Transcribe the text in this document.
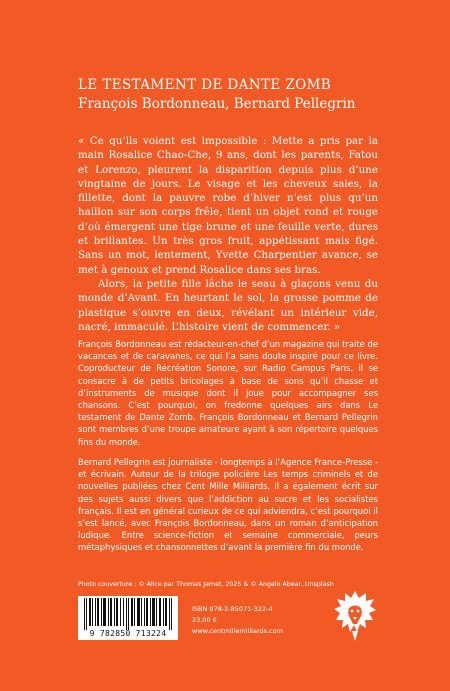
LE TESTAMENT DE DANTE ZOMB
François Bordonneau, Bernard Pellegrin

« Ce qu’ils voient est impossible : Mette a pris par la main Rosalice Chao-Che, 9 ans, dont les parents, Fatou et Lorenzo, pleurent la disparition depuis plus d’une vingtaine de jours. Le visage et les cheveux sales, la fillette, dont la pauvre robe d’hiver n’est plus qu’un haillon sur son corps frêle, tient un objet rond et rouge d’où émergent une tige brune et une feuille verte, dures et brillantes. Un très gros fruit, appétissant mais figé. Sans un mot, lentement, Yvette Charpentier avance, se met à genoux et prend Rosalice dans ses bras.

Alors, la petite fille lâche le seau à glaçons venu du monde d’Avant. En heurtant le sol, la grosse pomme de plastique s’ouvre en deux, révélant un intérieur vide, nacré, immaculé. L’histoire vient de commencer. »

François Bordonneau est rédacteur-en-chef d’un magazine qui traite de vacances et de caravanes, ce qui l’a sans doute inspiré pour ce livre. Coproducteur de Récréation Sonore, sur Radio Campus Paris, il se consacre à de petits bricolages à base de sons qu’il chasse et d’instruments de musique dont il joue pour accompagner ses chansons. C’est pourquoi, on fredonne quelques airs dans Le testament de Dante Zomb. François Bordonneau et Bernard Pellegrin sont membres d’une troupe amateure ayant à son répertoire quelques fins du monde.

Bernard Pellegrin est journaliste - longtemps à l’Agence France-Presse - et écrivain. Auteur de la trilogie policière Les temps criminels et de nouvelles publiées chez Cent Mille Milliards, il a également écrit sur des sujets aussi divers que l’addiction au sucre et les socialistes français. Il est en général curieux de ce qui adviendra, c’est pourquoi il s’est lancé, avec François Bordonneau, dans un roman d’anticipation ludique. Entre science-fiction et semaine commerciale, peurs métaphysiques et chansonnettes d’avant la première fin du monde.

Photo couverture : © Alice par Thomas Jamet, 2025 & © Angelo Abear, Unsplash
9 782850 713224
ISBN 978-2-85071-322-4
23,00 €
www.centmillemilliards.com
